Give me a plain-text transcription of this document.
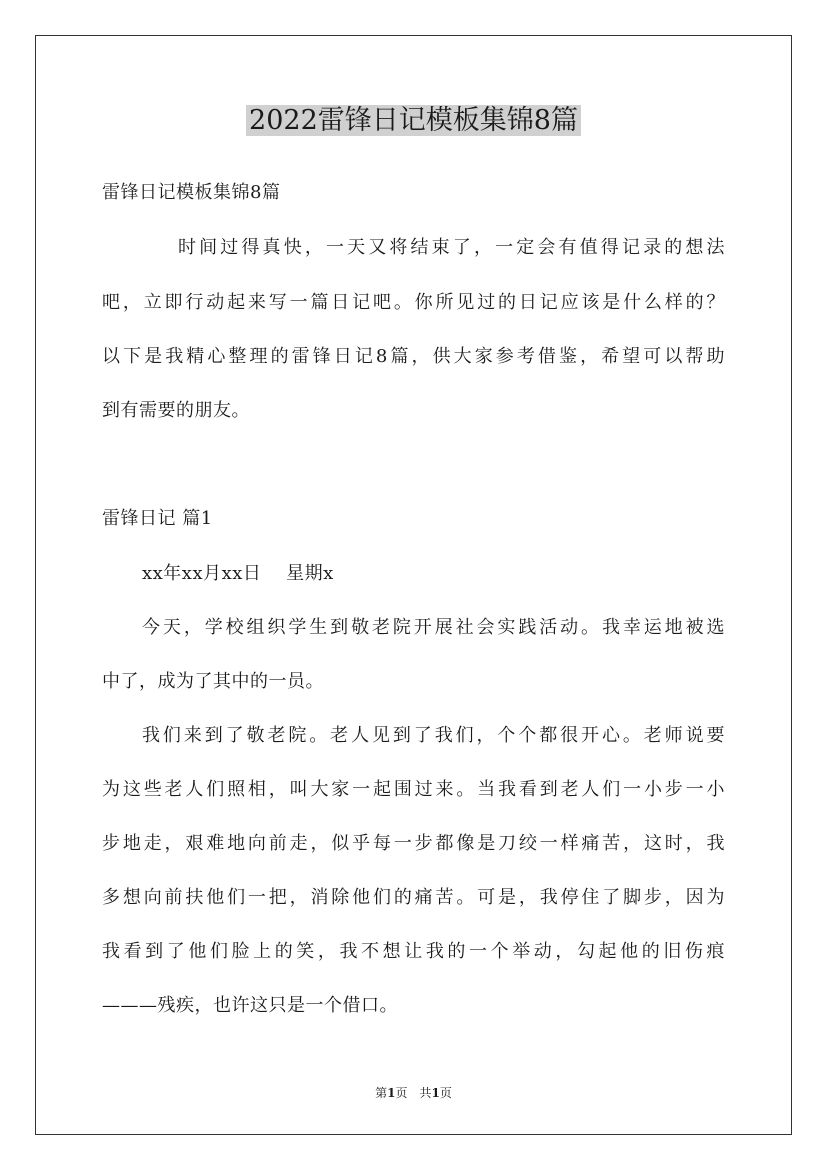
2022雷锋日记模板集锦8篇
雷锋日记模板集锦8篇
时间过得真快，一天又将结束了，一定会有值得记录的想法
吧，立即行动起来写一篇日记吧。你所见过的日记应该是什么样的？
以下是我精心整理的雷锋日记8篇，供大家参考借鉴，希望可以帮助
到有需要的朋友。
雷锋日记 篇1
xx年xx月xx日　 星期x
今天，学校组织学生到敬老院开展社会实践活动。我幸运地被选
中了，成为了其中的一员。
我们来到了敬老院。老人见到了我们，个个都很开心。老师说要
为这些老人们照相，叫大家一起围过来。当我看到老人们一小步一小
步地走，艰难地向前走，似乎每一步都像是刀绞一样痛苦，这时，我
多想向前扶他们一把，消除他们的痛苦。可是，我停住了脚步，因为
我看到了他们脸上的笑，我不想让我的一个举动，勾起他的旧伤痕
———残疾，也许这只是一个借口。
第1页　共1页
